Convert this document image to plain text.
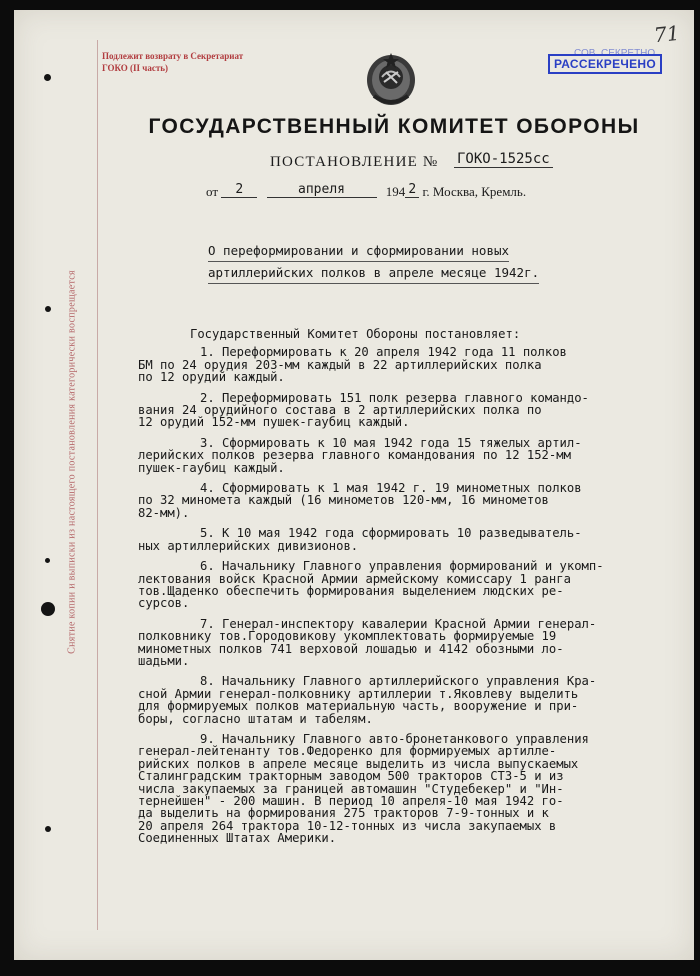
Снятие копии и выписки из настоящего постановления категорически воспрещается
71
Подлежит возврату в Секретариат
ГОКО (II часть)
СОВ. СЕКРЕТНО
РАССЕКРЕЧЕНО
ГОСУДАРСТВЕННЫЙ КОМИТЕТ ОБОРОНЫ
ПОСТАНОВЛЕНИЕ № ГОКО-1525сс
от 2	апреля	194 2 г. Москва, Кремль.
О переформировании и сформировании новых
артиллерийских полков в апреле месяце 1942г.
Государственный Комитет Обороны постановляет:
1. Переформировать к 20 апреля 1942 года 11 полков
БМ по 24 орудия 203-мм каждый в 22 артиллерийских полка
по 12 орудий каждый.
2. Переформировать 151 полк резерва главного командо-
вания 24 орудийного состава в 2 артиллерийских полка по
12 орудий 152-мм пушек-гаубиц каждый.
3. Сформировать к 10 мая 1942 года 15 тяжелых артил-
лерийских полков резерва главного командования по 12 152-мм
пушек-гаубиц каждый.
4. Сформировать к 1 мая 1942 г. 19 минометных полков
по 32 миномета каждый (16 минометов 120-мм, 16 минометов
82-мм).
5. К 10 мая 1942 года сформировать 10 разведыватель-
ных артиллерийских дивизионов.
6. Начальнику Главного управления формирований и укомп-
лектования войск Красной Армии армейскому комиссару 1 ранга
тов.Щаденко обеспечить формирования выделением людских ре-
сурсов.
7. Генерал-инспектору кавалерии Красной Армии генерал-
полковнику тов.Городовикову укомплектовать формируемые 19
минометных полков 741 верховой лошадью и 4142 обозными ло-
шадьми.
8. Начальнику Главного артиллерийского управления Кра-
сной Армии генерал-полковнику артиллерии т.Яковлеву выделить
для формируемых полков материальную часть, вооружение и при-
боры, согласно штатам и табелям.
9. Начальнику Главного авто-бронетанкового управления
генерал-лейтенанту тов.Федоренко для формируемых артилле-
рийских полков в апреле месяце выделить из числа выпускаемых
Сталинградским тракторным заводом 500 тракторов СТЗ-5 и из
числа закупаемых за границей автомашин "Студебекер" и "Ин-
тернейшен" - 200 машин. В период 10 апреля-10 мая 1942 го-
да выделить на формирования 275 тракторов 7-9-тонных и к
20 апреля 264 трактора 10-12-тонных из числа закупаемых в
Соединенных Штатах Америки.
